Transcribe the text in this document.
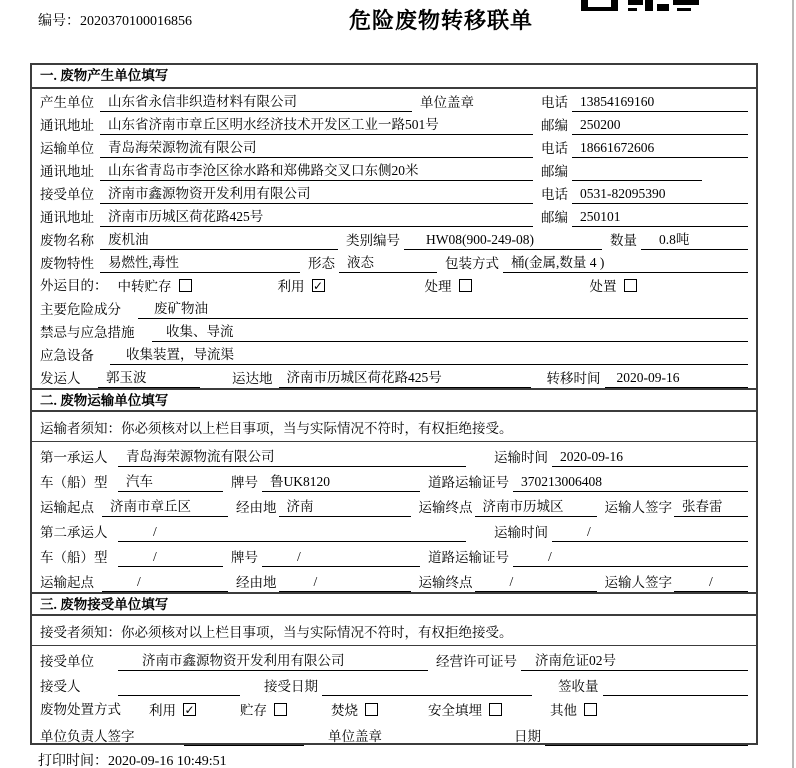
编号：2020370100016856	危险废物转移联单
一. 废物产生单位填写
产生单位	山东省永信非织造材料有限公司	单位盖章	电话 13854169160
通讯地址	山东省济南市章丘区明水经济技术开发区工业一路501号	邮编 250200
运输单位	青岛海荣源物流有限公司	电话 18661672606
通讯地址	山东省青岛市李沧区徐水路和郑佛路交叉口东侧20米	邮编
接受单位	济南市鑫源物资开发利用有限公司	电话 0531-82095390
通讯地址	济南市历城区荷花路425号	邮编 250101
废物名称	废机油	类别编号	HW08(900-249-08)	数量	0.8吨
废物特性	易燃性,毒性	形态 液态	包装方式 桶(金属,数量 4 )
外运目的： 中转贮存	利用 ✓	处理	处置
主要危险成分	废矿物油
禁忌与应急措施	收集、导流
应急设备	收集装置，导流渠
发运人	郭玉波	运达地	济南市历城区荷花路425号	转移时间	2020-09-16
二. 废物运输单位填写
运输者须知：你必须核对以上栏目事项，当与实际情况不符时，有权拒绝接受。
第一承运人	青岛海荣源物流有限公司	运输时间 2020-09-16
车（船）型	汽车	牌号 鲁UK8120	道路运输证号 370213006408
运输起点	济南市章丘区	经由地 济南	运输终点 济南市历城区	运输人签字 张春雷
第二承运人	/	运输时间	/
车（船）型	/	牌号	/	道路运输证号	/
运输起点	/	经由地	/	运输终点	/	运输人签字	/
三. 废物接受单位填写
接受者须知：你必须核对以上栏目事项，当与实际情况不符时，有权拒绝接受。
接受单位	济南市鑫源物资开发利用有限公司	经营许可证号	济南危证02号
接受人	接受日期	签收量
废物处置方式 利用 ✓	贮存	焚烧	安全填埋	其他
单位负责人签字	单位盖章	日期
打印时间：2020-09-16 10:49:51
